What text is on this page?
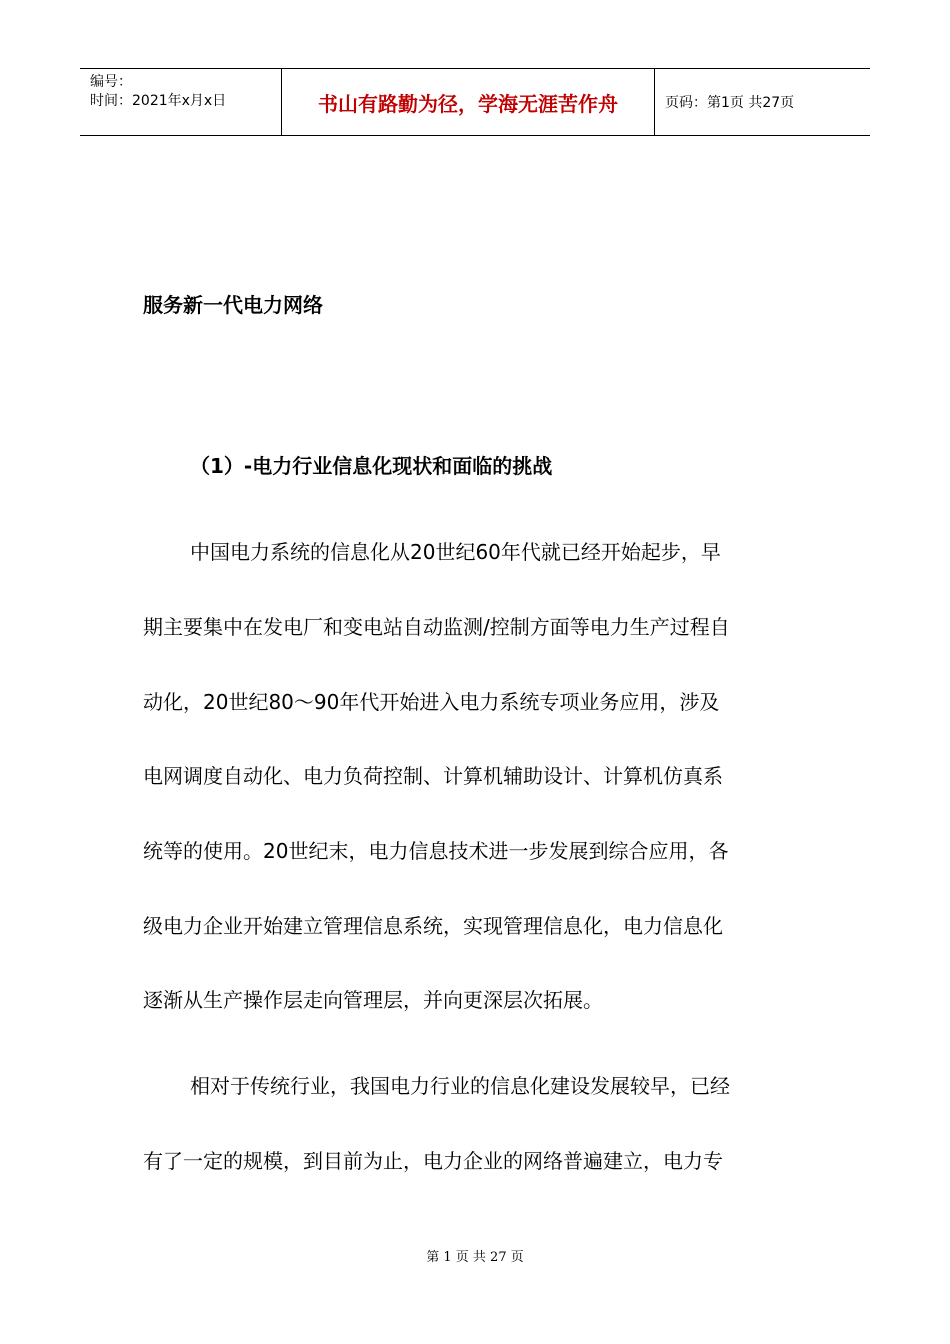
编号：
时间：2021年x月x日	书山有路勤为径，学海无涯苦作舟	页码：第1页 共27页
服务新一代电力网络
（1）-电力行业信息化现状和面临的挑战
中国电力系统的信息化从20世纪60年代就已经开始起步，早
期主要集中在发电厂和变电站自动监测/控制方面等电力生产过程自
动化，20世纪80～90年代开始进入电力系统专项业务应用，涉及
电网调度自动化、电力负荷控制、计算机辅助设计、计算机仿真系
统等的使用。20世纪末，电力信息技术进一步发展到综合应用，各
级电力企业开始建立管理信息系统，实现管理信息化，电力信息化
逐渐从生产操作层走向管理层，并向更深层次拓展。
相对于传统行业，我国电力行业的信息化建设发展较早，已经
有了一定的规模，到目前为止，电力企业的网络普遍建立，电力专
第 1 页 共 27 页
